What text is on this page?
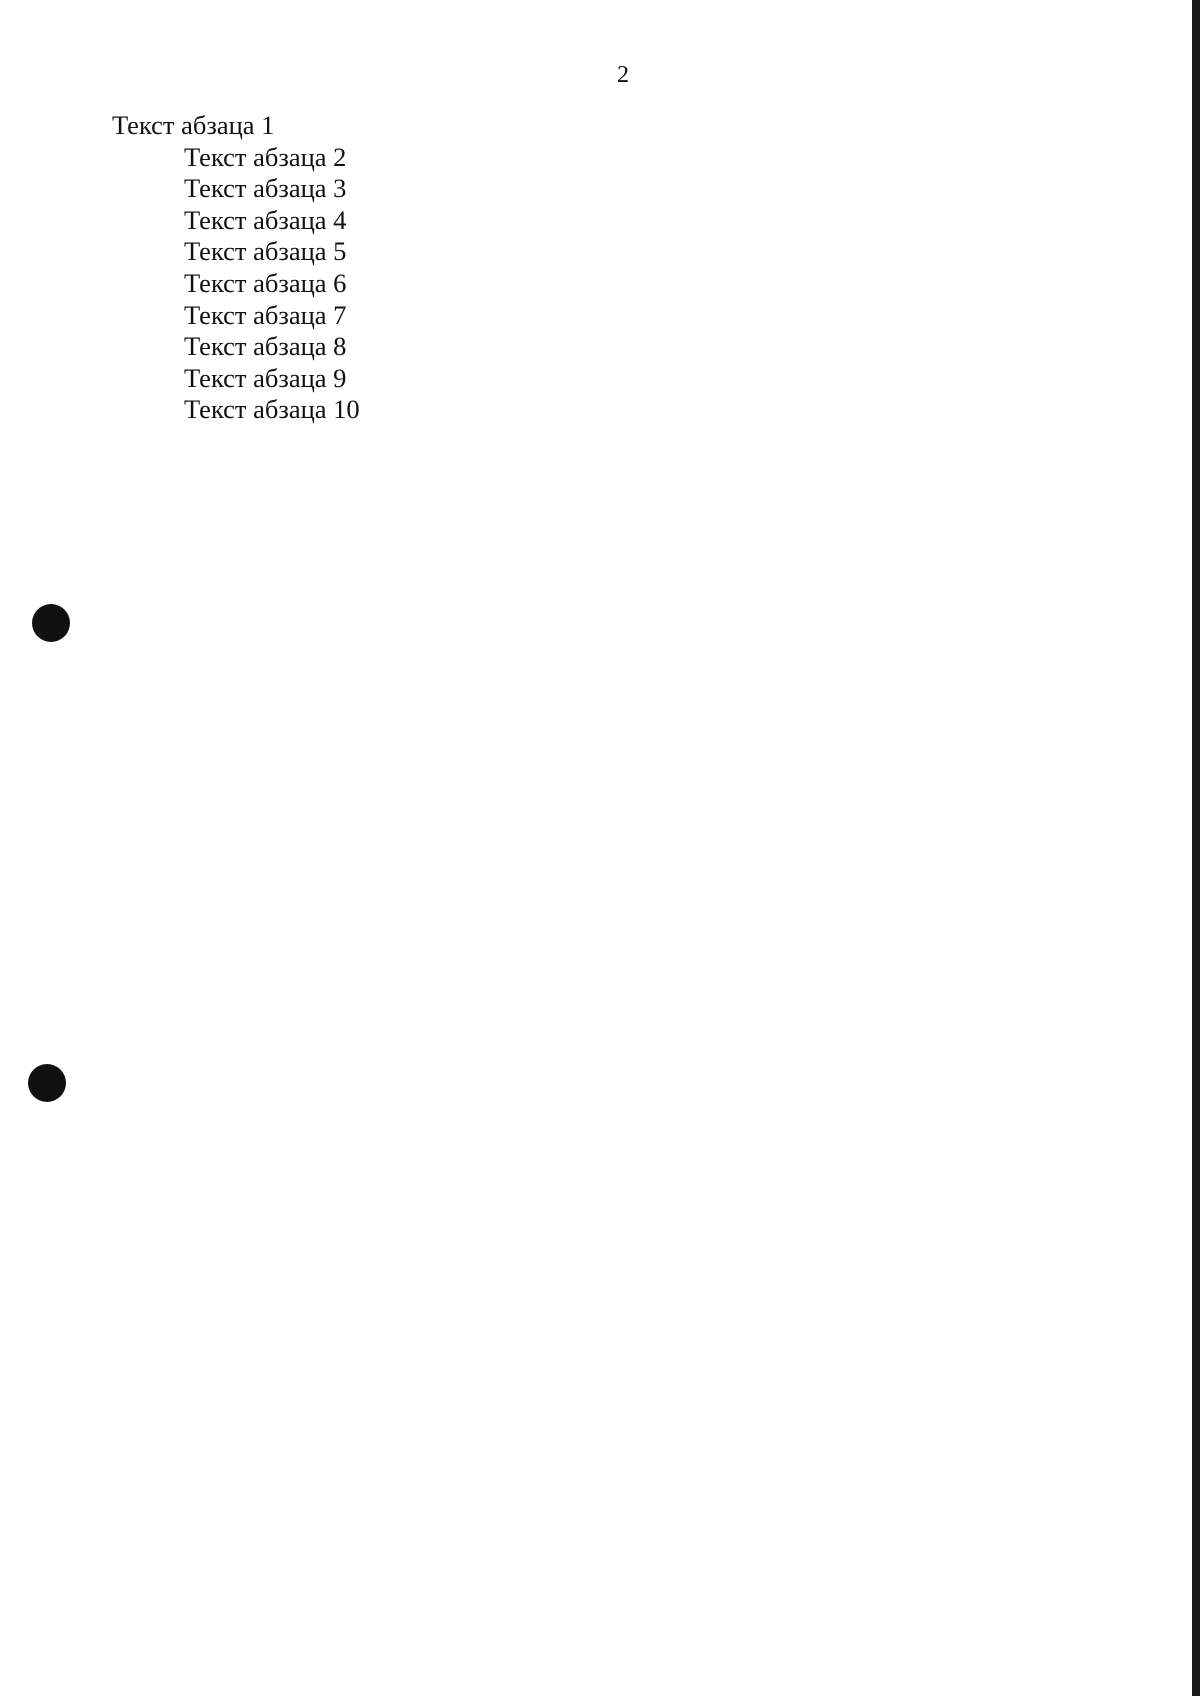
2

Текст абзаца 1

Текст абзаца 2

Текст абзаца 3

Текст абзаца 4

Текст абзаца 5

Текст абзаца 6

Текст абзаца 7

Текст абзаца 8

Текст абзаца 9

Текст абзаца 10
